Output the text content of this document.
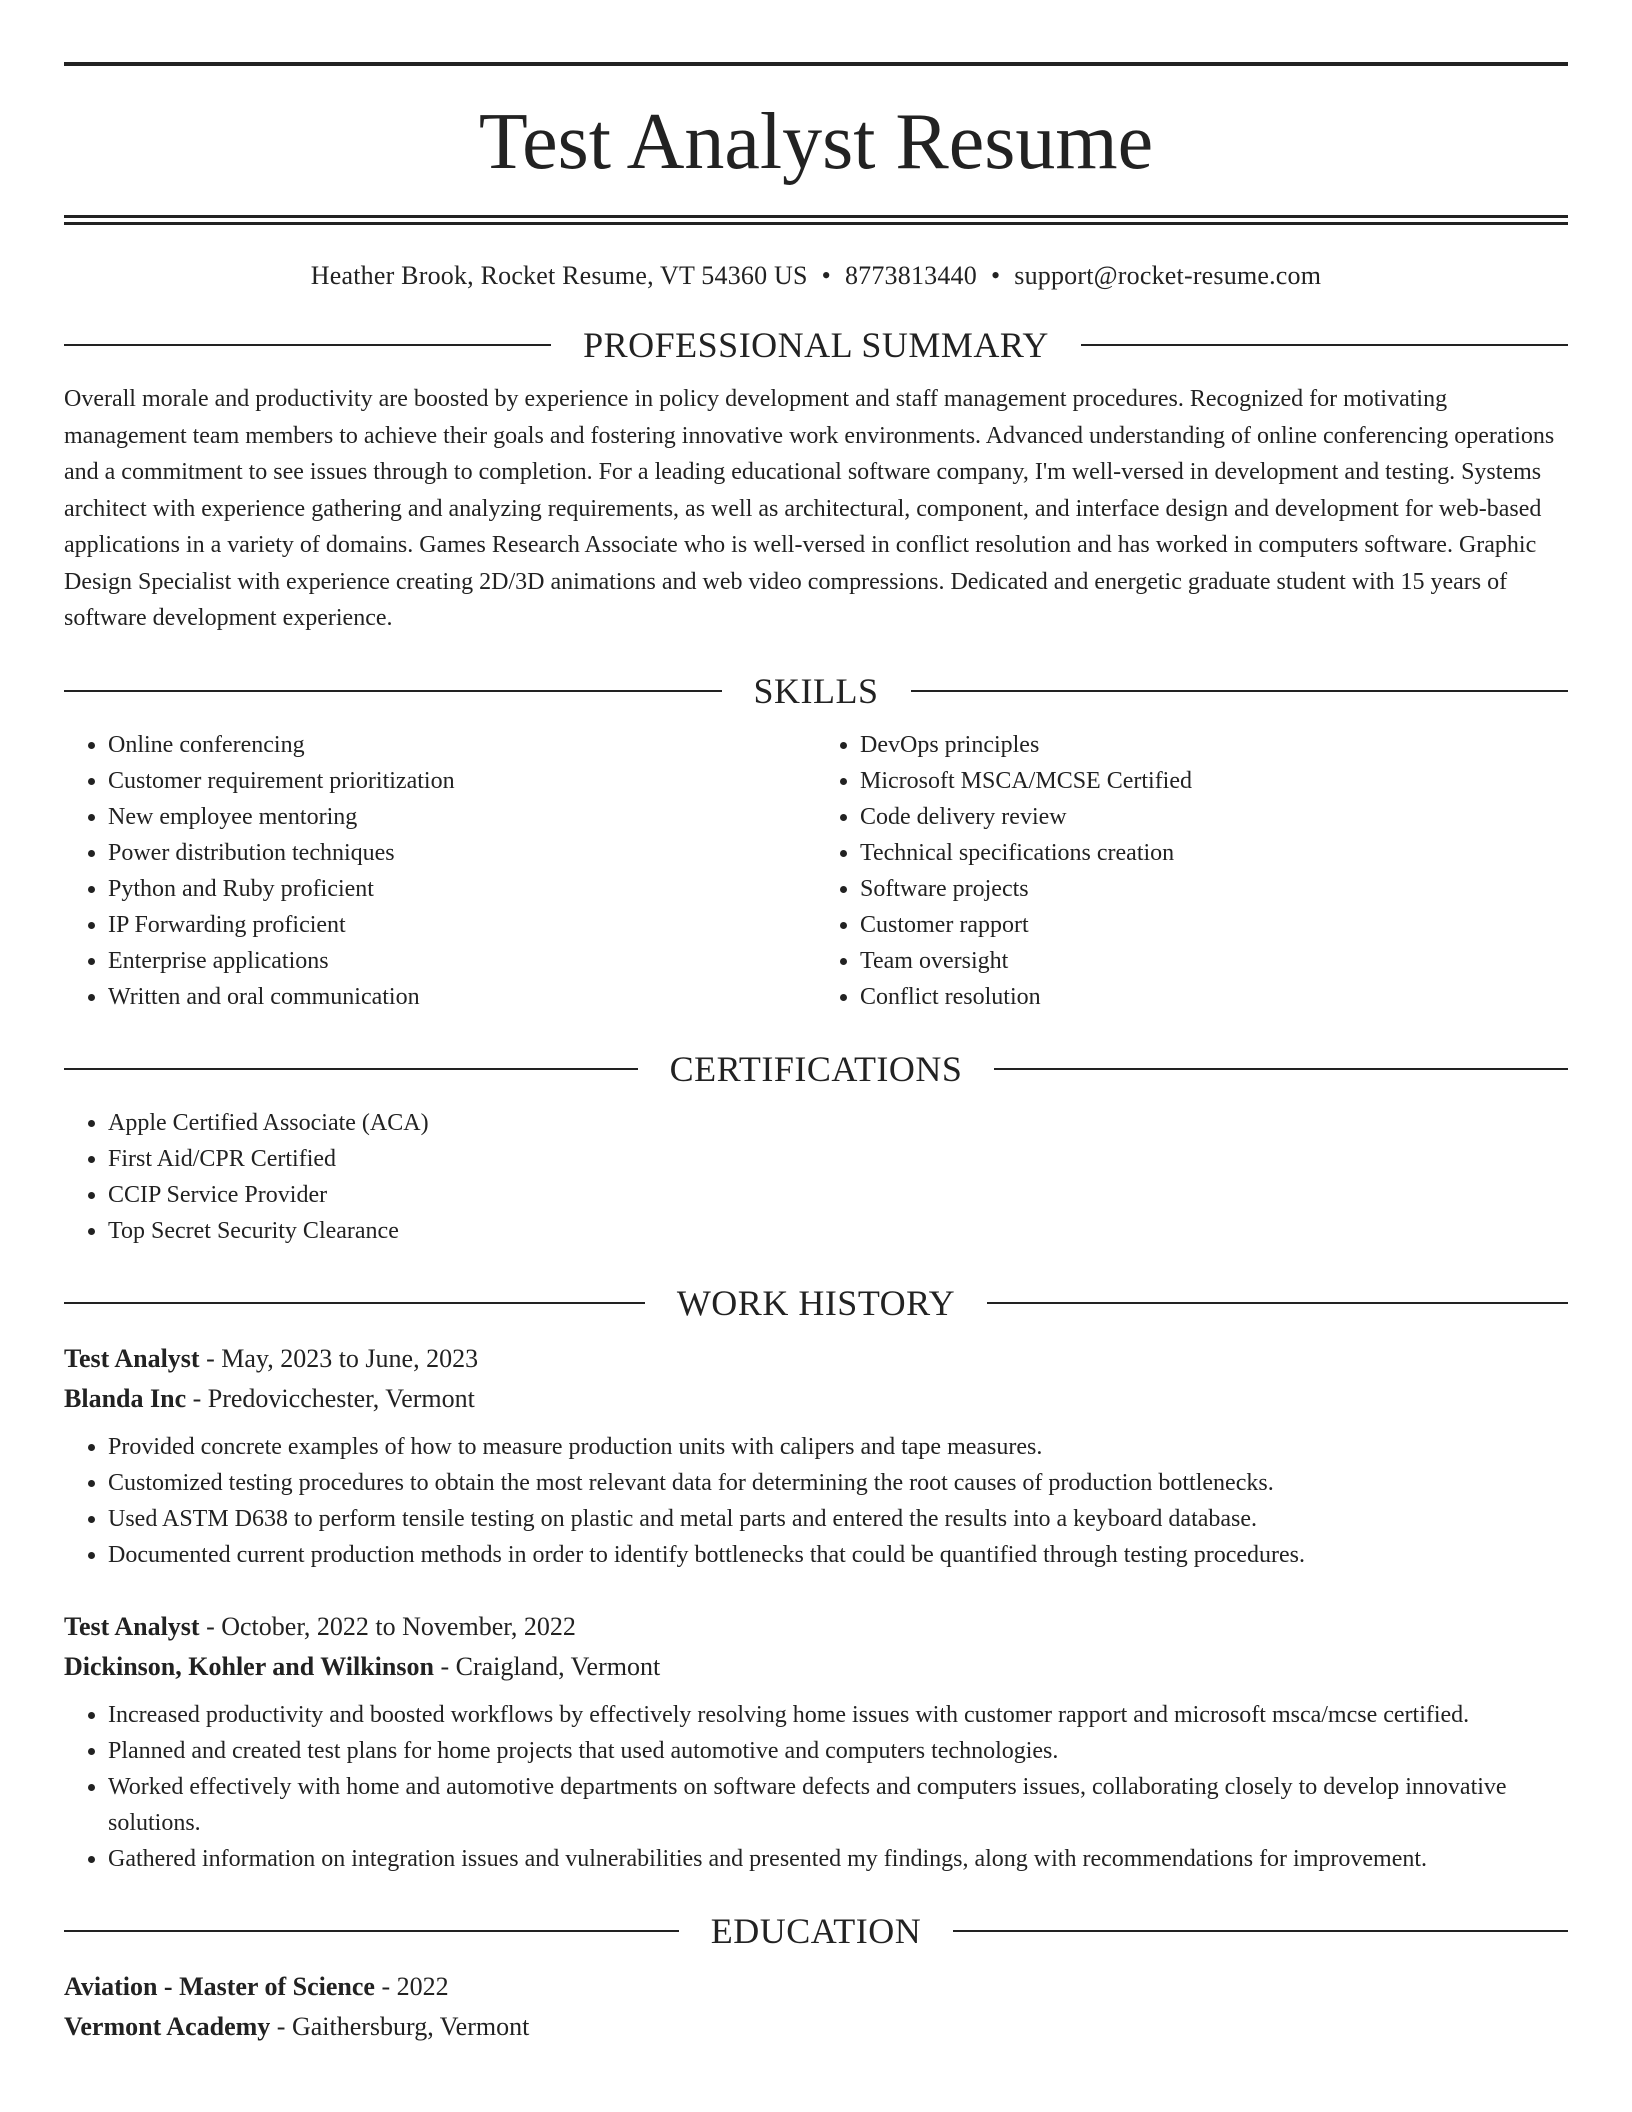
Test Analyst Resume
Heather Brook, Rocket Resume, VT 54360 US • 8773813440 • support@rocket-resume.com
PROFESSIONAL SUMMARY

Overall morale and productivity are boosted by experience in policy development and staff management procedures. Recognized for motivating management team members to achieve their goals and fostering innovative work environments. Advanced understanding of online conferencing operations and a commitment to see issues through to completion. For a leading educational software company, I'm well-versed in development and testing. Systems architect with experience gathering and analyzing requirements, as well as architectural, component, and interface design and development for web-based applications in a variety of domains. Games Research Associate who is well-versed in conflict resolution and has worked in computers software. Graphic Design Specialist with experience creating 2D/3D animations and web video compressions. Dedicated and energetic graduate student with 15 years of software development experience.

SKILLS
• Online conferencing
• Customer requirement prioritization
• New employee mentoring
• Power distribution techniques
• Python and Ruby proficient
• IP Forwarding proficient
• Enterprise applications
• Written and oral communication
• DevOps principles
• Microsoft MSCA/MCSE Certified
• Code delivery review
• Technical specifications creation
• Software projects
• Customer rapport
• Team oversight
• Conflict resolution
CERTIFICATIONS
• Apple Certified Associate (ACA)
• First Aid/CPR Certified
• CCIP Service Provider
• Top Secret Security Clearance
WORK HISTORY
Test Analyst - May, 2023 to June, 2023
Blanda Inc - Predovicchester, Vermont
• Provided concrete examples of how to measure production units with calipers and tape measures.
• Customized testing procedures to obtain the most relevant data for determining the root causes of production bottlenecks.
• Used ASTM D638 to perform tensile testing on plastic and metal parts and entered the results into a keyboard database.
• Documented current production methods in order to identify bottlenecks that could be quantified through testing procedures.
Test Analyst - October, 2022 to November, 2022
Dickinson, Kohler and Wilkinson - Craigland, Vermont
• Increased productivity and boosted workflows by effectively resolving home issues with customer rapport and microsoft msca/mcse certified.
• Planned and created test plans for home projects that used automotive and computers technologies.
• Worked effectively with home and automotive departments on software defects and computers issues, collaborating closely to develop innovative solutions.
• Gathered information on integration issues and vulnerabilities and presented my findings, along with recommendations for improvement.
EDUCATION
Aviation - Master of Science - 2022
Vermont Academy - Gaithersburg, Vermont
